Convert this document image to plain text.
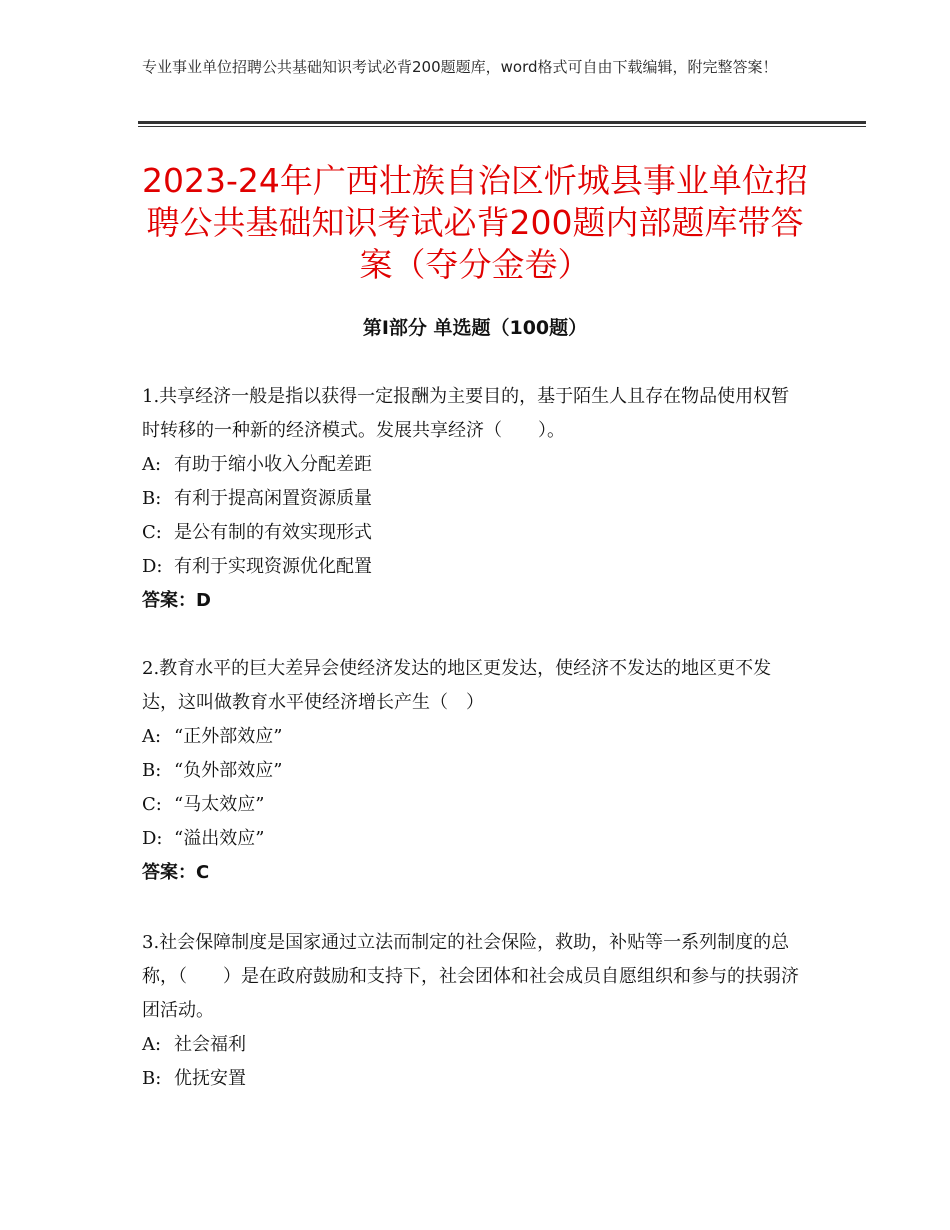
专业事业单位招聘公共基础知识考试必背200题题库，word格式可自由下载编辑，附完整答案！
2023-24年广西壮族自治区忻城县事业单位招聘公共基础知识考试必背200题内部题库带答案（夺分金卷）
第I部分 单选题（100题）

1.共享经济一般是指以获得一定报酬为主要目的，基于陌生人且存在物品使用权暂时转移的一种新的经济模式。发展共享经济（　　）。

A: 有助于缩小收入分配差距
B: 有利于提高闲置资源质量
C: 是公有制的有效实现形式
D: 有利于实现资源优化配置
答案：D

2.教育水平的巨大差异会使经济发达的地区更发达，使经济不发达的地区更不发达，这叫做教育水平使经济增长产生（　）

A: “正外部效应”
B: “负外部效应”
C: “马太效应”
D: “溢出效应”
答案：C

3.社会保障制度是国家通过立法而制定的社会保险，救助，补贴等一系列制度的总称，（　　）是在政府鼓励和支持下，社会团体和社会成员自愿组织和参与的扶弱济团活动。

A: 社会福利
B: 优抚安置
